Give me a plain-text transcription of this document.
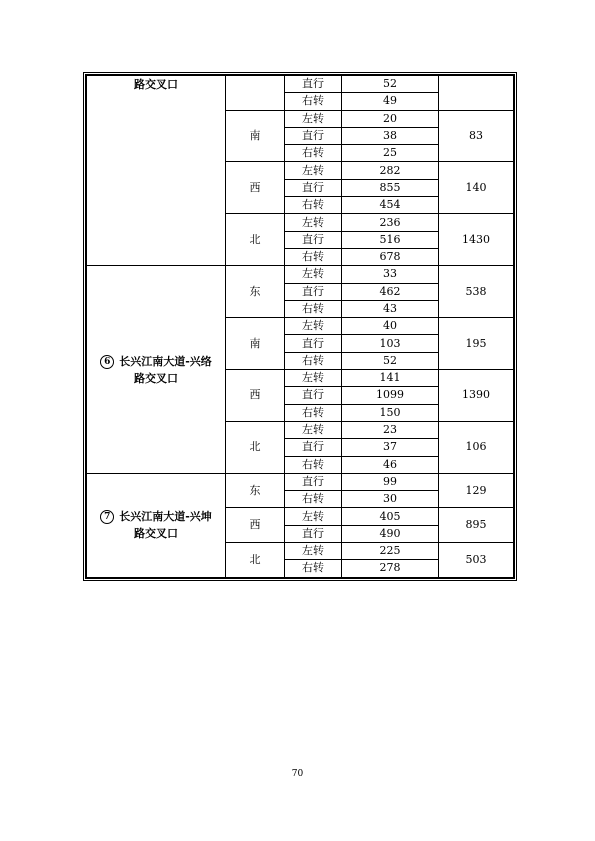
路交叉口		直行	52	
		右转	49	
	南	左转	20	83
		直行	38	
		右转	25	
	西	左转	282	140
		直行	855	
		右转	454	
	北	左转	236	1430
		直行	516	
		右转	678	

6 长兴江南大道-兴络
路交叉口	东	左转	33	538
		直行	462	
		右转	43	
	南	左转	40	195
		直行	103	
		右转	52	
	西	左转	141	1390
		直行	1099	
		右转	150	
	北	左转	23	106
		直行	37	
		右转	46	

7 长兴江南大道-兴坤
路交叉口	东	直行	99	129
		右转	30	
	西	左转	405	895
		直行	490	
	北	左转	225	503
		右转	278	
70
